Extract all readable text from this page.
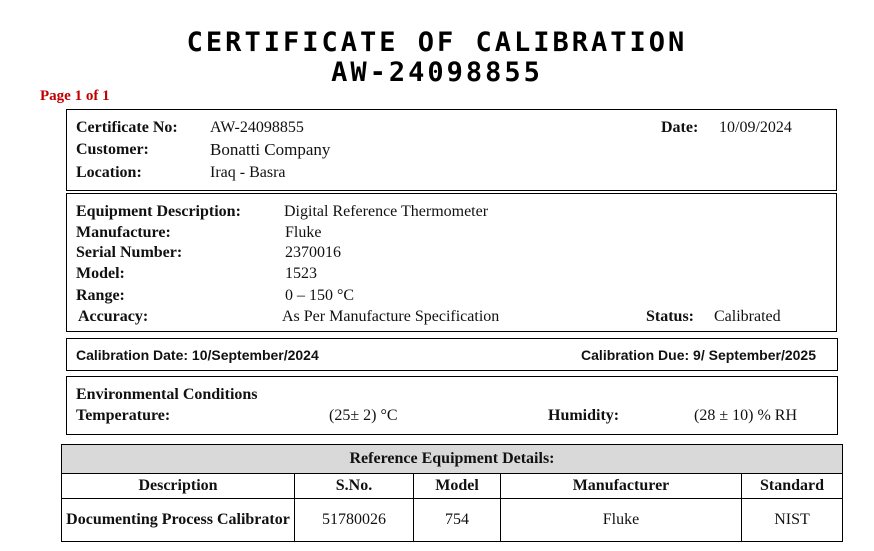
CERTIFICATE OF CALIBRATION
AW-24098855
Page 1 of 1
Certificate No: AW-24098855
Customer:	Bonatti Company
Location:	Iraq - Basra
Date: 10/09/2024
Equipment Description:	Digital Reference Thermometer
Manufacture:	Fluke
Serial Number:	2370016
Model:	1523
Range:	0 – 150 °C
Accuracy:	As Per Manufacture Specification	Status: Calibrated
Calibration Date: 10/September/2024	Calibration Due: 9/ September/2025
Environmental Conditions
Temperature:	(25± 2) °C	Humidity:	(28 ± 10) % RH
Reference Equipment Details:				
Description	S.No.	Model	Manufacturer	Standard
Documenting Process Calibrator	51780026	754	Fluke	NIST
